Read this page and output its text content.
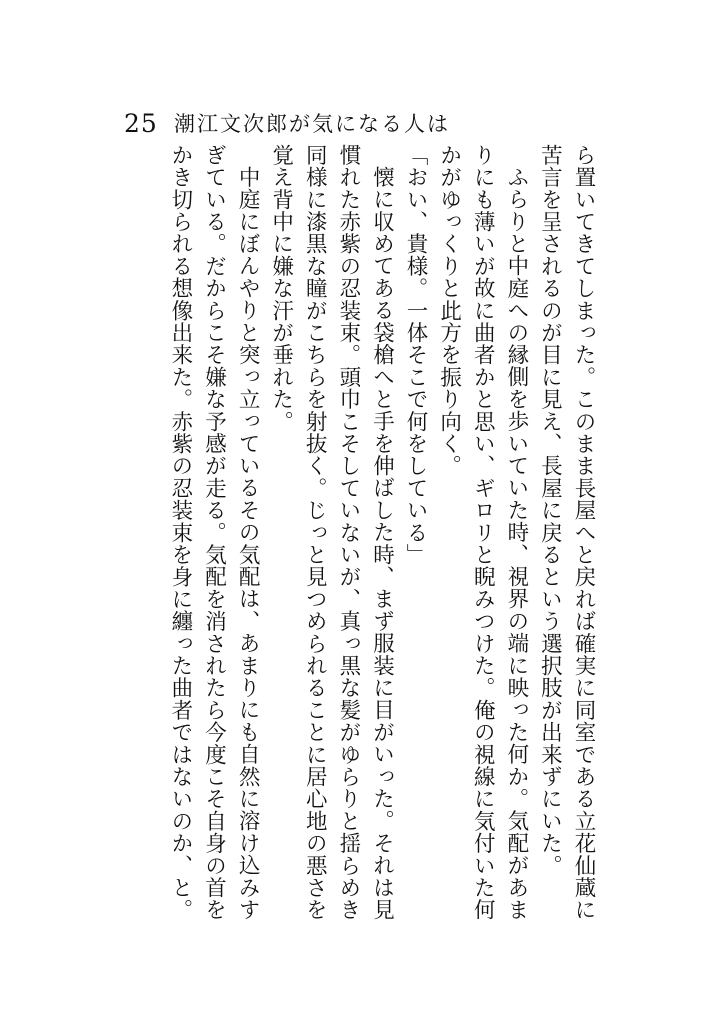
25 潮江文次郎が気になる人は

ら置いてきてしまった。このまま長屋へと戻れば確実に同室である立花仙蔵に苦言を呈されるのが目に見え、長屋に戻るという選択肢が出来ずにいた。

ふらりと中庭への縁側を歩いていた時、視界の端に映った何か。気配があまりにも薄いが故に曲者かと思い、ギロリと睨みつけた。俺の視線に気付いた何かがゆっくりと此方を振り向く。

「おい、貴様。一体そこで何をしている」

懐に収めてある袋槍へと手を伸ばした時、まず服装に目がいった。それは見慣れた赤紫の忍装束。頭巾こそしていないが、真っ黒な髪がゆらりと揺らめき同様に漆黒な瞳がこちらを射抜く。じっと見つめられることに居心地の悪さを覚え背中に嫌な汗が垂れた。

中庭にぼんやりと突っ立っているその気配は、あまりにも自然に溶け込みすぎている。だからこそ嫌な予感が走る。気配を消されたら今度こそ自身の首をかき切られる想像出来た。赤紫の忍装束を身に纏った曲者ではないのか、と。
